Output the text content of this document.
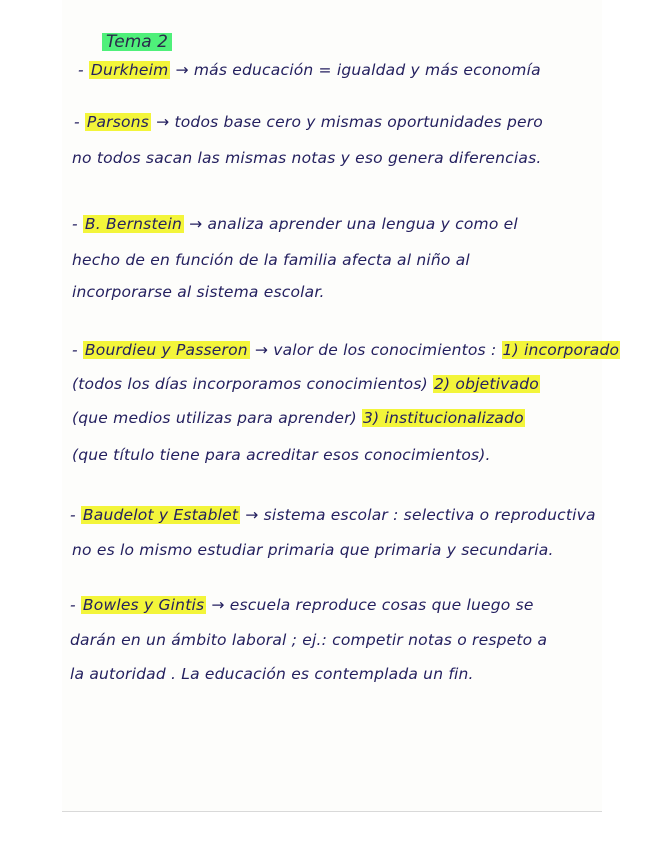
Tema 2
- Durkheim → más educación = igualdad y más economía
- Parsons → todos base cero y mismas oportunidades pero
no todos sacan las mismas notas y eso genera diferencias.
- B. Bernstein → analiza aprender una lengua y como el
hecho de en función de la familia afecta al niño al
incorporarse al sistema escolar.
- Bourdieu y Passeron → valor de los conocimientos : 1) incorporado
(todos los días incorporamos conocimientos) 2) objetivado
(que medios utilizas para aprender) 3) institucionalizado
(que título tiene para acreditar esos conocimientos).
- Baudelot y Establet → sistema escolar : selectiva o reproductiva
no es lo mismo estudiar primaria que primaria y secundaria.
- Bowles y Gintis → escuela reproduce cosas que luego se
darán en un ámbito laboral ; ej.: competir notas o respeto a
la autoridad . La educación es contemplada un fin.
